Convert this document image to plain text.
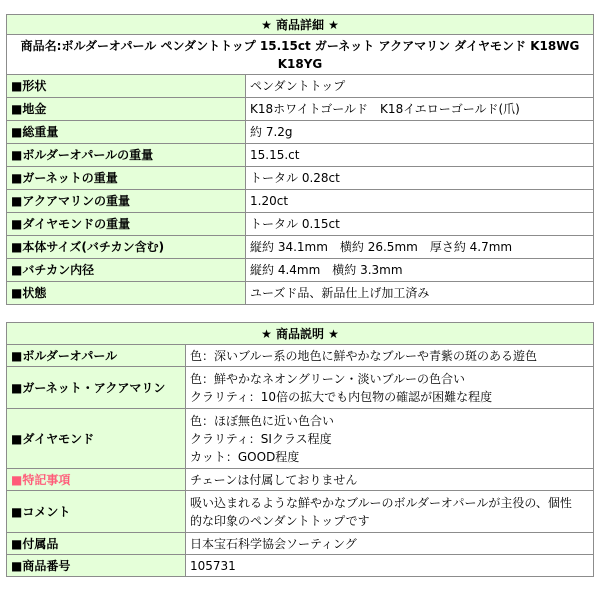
★ 商品詳細 ★	
商品名:ボルダーオパール ペンダントトップ 15.15ct ガーネット アクアマリン ダイヤモンド K18WG K18YG	
■形状	ペンダントトップ
■地金	K18ホワイトゴールド　K18イエローゴールド(爪)
■総重量	約 7.2g
■ボルダーオパールの重量	15.15.ct
■ガーネットの重量	トータル 0.28ct
■アクアマリンの重量	1.20ct
■ダイヤモンドの重量	トータル 0.15ct
■本体サイズ(バチカン含む)	縦約 34.1mm　横約 26.5mm　厚さ約 4.7mm
■バチカン内径	縦約 4.4mm　横約 3.3mm
■状態	ユーズド品、新品仕上げ加工済み
★ 商品説明 ★	
■ボルダーオパール	色：深いブルー系の地色に鮮やかなブルーや青紫の斑のある遊色

■ガーネット・アクアマリン	色：鮮やかなネオングリーン・淡いブルーの色合い
クラリティ：10倍の拡大でも内包物の確認が困難な程度

■ダイヤモンド	色：ほぼ無色に近い色合い
クラリティ：SIクラス程度
カット：GOOD程度

■特記事項	チェーンは付属しておりません

■コメント	吸い込まれるような鮮やかなブルーのボルダーオパールが主役の、個性
的な印象のペンダントトップです

■付属品	日本宝石科学協会ソーティング

■商品番号	105731
